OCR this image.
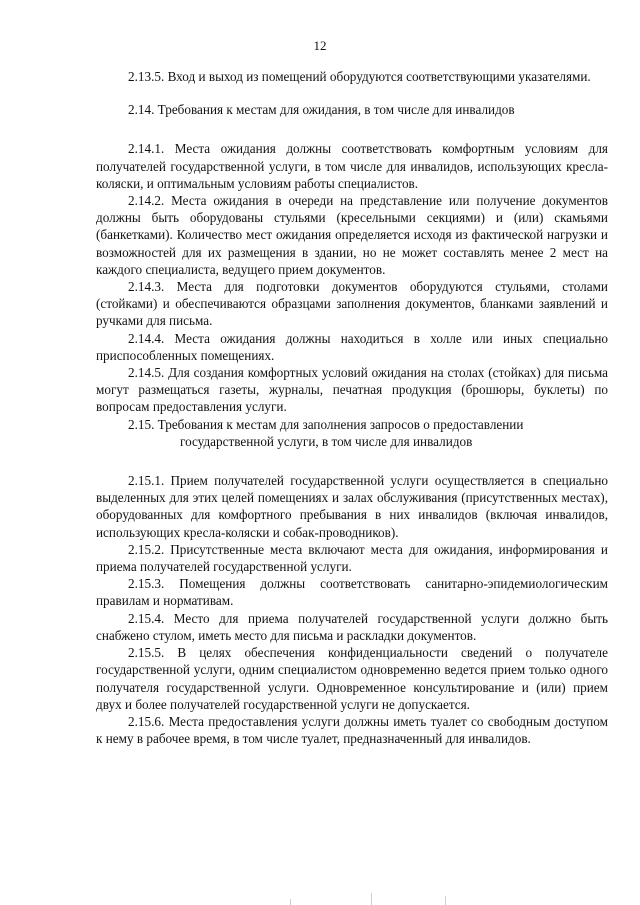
12

2.13.5. Вход и выход из помещений оборудуются соответствующими указателями.

2.14. Требования к местам для ожидания, в том числе для инвалидов

2.14.1. Места ожидания должны соответствовать комфортным условиям для получателей государственной услуги, в том числе для инвалидов, использующих кресла-коляски, и оптимальным условиям работы специалистов.

2.14.2. Места ожидания в очереди на представление или получение документов должны быть оборудованы стульями (кресельными секциями) и (или) скамьями (банкетками). Количество мест ожидания определяется исходя из фактической нагрузки и возможностей для их размещения в здании, но не может составлять менее 2 мест на каждого специалиста, ведущего прием документов.

2.14.3. Места для подготовки документов оборудуются стульями, столами (стойками) и обеспечиваются образцами заполнения документов, бланками заявлений и ручками для письма.

2.14.4. Места ожидания должны находиться в холле или иных специально приспособленных помещениях.

2.14.5. Для создания комфортных условий ожидания на столах (стойках) для письма могут размещаться газеты, журналы, печатная продукция (брошюры, буклеты) по вопросам предоставления услуги.

2.15. Требования к местам для заполнения запросов о предоставлении
государственной услуги, в том числе для инвалидов

2.15.1. Прием получателей государственной услуги осуществляется в специально выделенных для этих целей помещениях и залах обслуживания (присутственных местах), оборудованных для комфортного пребывания в них инвалидов (включая инвалидов, использующих кресла-коляски и собак-проводников).

2.15.2. Присутственные места включают места для ожидания, информирования и приема получателей государственной услуги.

2.15.3. Помещения должны соответствовать санитарно-эпидемиологическим правилам и нормативам.

2.15.4. Место для приема получателей государственной услуги должно быть снабжено стулом, иметь место для письма и раскладки документов.

2.15.5. В целях обеспечения конфиденциальности сведений о получателе государственной услуги, одним специалистом одновременно ведется прием только одного получателя государственной услуги. Одновременное консультирование и (или) прием двух и более получателей государственной услуги не допускается.

2.15.6. Места предоставления услуги должны иметь туалет со свободным доступом к нему в рабочее время, в том числе туалет, предназначенный для инвалидов.
